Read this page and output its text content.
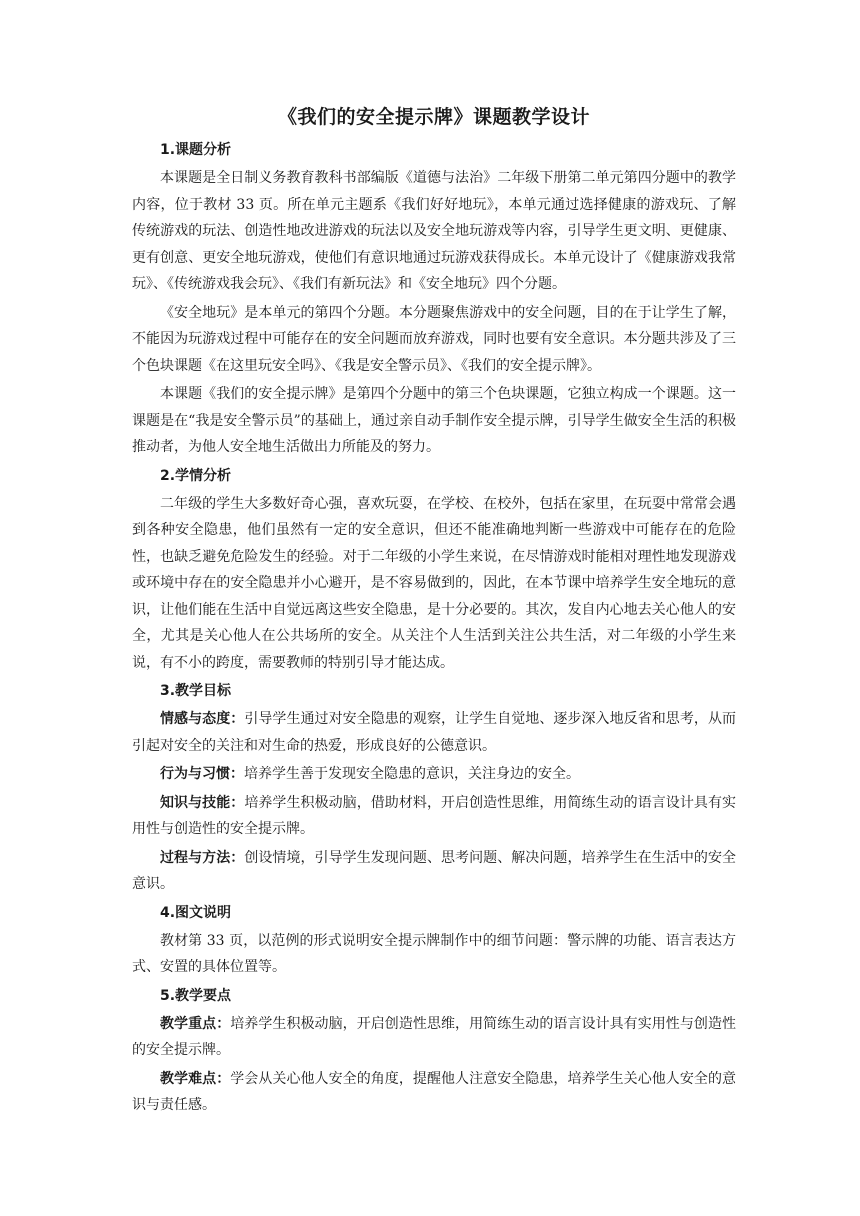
《我们的安全提示牌》课题教学设计
1.课题分析

本课题是全日制义务教育教科书部编版《道德与法治》二年级下册第二单元第四分题中的教学内容，位于教材 33 页。所在单元主题系《我们好好地玩》，本单元通过选择健康的游戏玩、了解传统游戏的玩法、创造性地改进游戏的玩法以及安全地玩游戏等内容，引导学生更文明、更健康、更有创意、更安全地玩游戏，使他们有意识地通过玩游戏获得成长。本单元设计了《健康游戏我常玩》、《传统游戏我会玩》、《我们有新玩法》和《安全地玩》四个分题。

《安全地玩》是本单元的第四个分题。本分题聚焦游戏中的安全问题，目的在于让学生了解，不能因为玩游戏过程中可能存在的安全问题而放弃游戏，同时也要有安全意识。本分题共涉及了三个色块课题《在这里玩安全吗》、《我是安全警示员》、《我们的安全提示牌》。

本课题《我们的安全提示牌》是第四个分题中的第三个色块课题，它独立构成一个课题。这一课题是在“我是安全警示员”的基础上，通过亲自动手制作安全提示牌，引导学生做安全生活的积极推动者，为他人安全地生活做出力所能及的努力。

2.学情分析

二年级的学生大多数好奇心强，喜欢玩耍，在学校、在校外，包括在家里，在玩耍中常常会遇到各种安全隐患，他们虽然有一定的安全意识，但还不能准确地判断一些游戏中可能存在的危险性，也缺乏避免危险发生的经验。对于二年级的小学生来说，在尽情游戏时能相对理性地发现游戏或环境中存在的安全隐患并小心避开，是不容易做到的，因此，在本节课中培养学生安全地玩的意识，让他们能在生活中自觉远离这些安全隐患，是十分必要的。其次，发自内心地去关心他人的安全，尤其是关心他人在公共场所的安全。从关注个人生活到关注公共生活，对二年级的小学生来说，有不小的跨度，需要教师的特别引导才能达成。

3.教学目标

情感与态度：引导学生通过对安全隐患的观察，让学生自觉地、逐步深入地反省和思考，从而引起对安全的关注和对生命的热爱，形成良好的公德意识。

行为与习惯：培养学生善于发现安全隐患的意识，关注身边的安全。

知识与技能：培养学生积极动脑，借助材料，开启创造性思维，用简练生动的语言设计具有实用性与创造性的安全提示牌。

过程与方法：创设情境，引导学生发现问题、思考问题、解决问题，培养学生在生活中的安全意识。

4.图文说明

教材第 33 页，以范例的形式说明安全提示牌制作中的细节问题：警示牌的功能、语言表达方式、安置的具体位置等。

5.教学要点

教学重点：培养学生积极动脑，开启创造性思维，用简练生动的语言设计具有实用性与创造性的安全提示牌。

教学难点：学会从关心他人安全的角度，提醒他人注意安全隐患，培养学生关心他人安全的意识与责任感。
